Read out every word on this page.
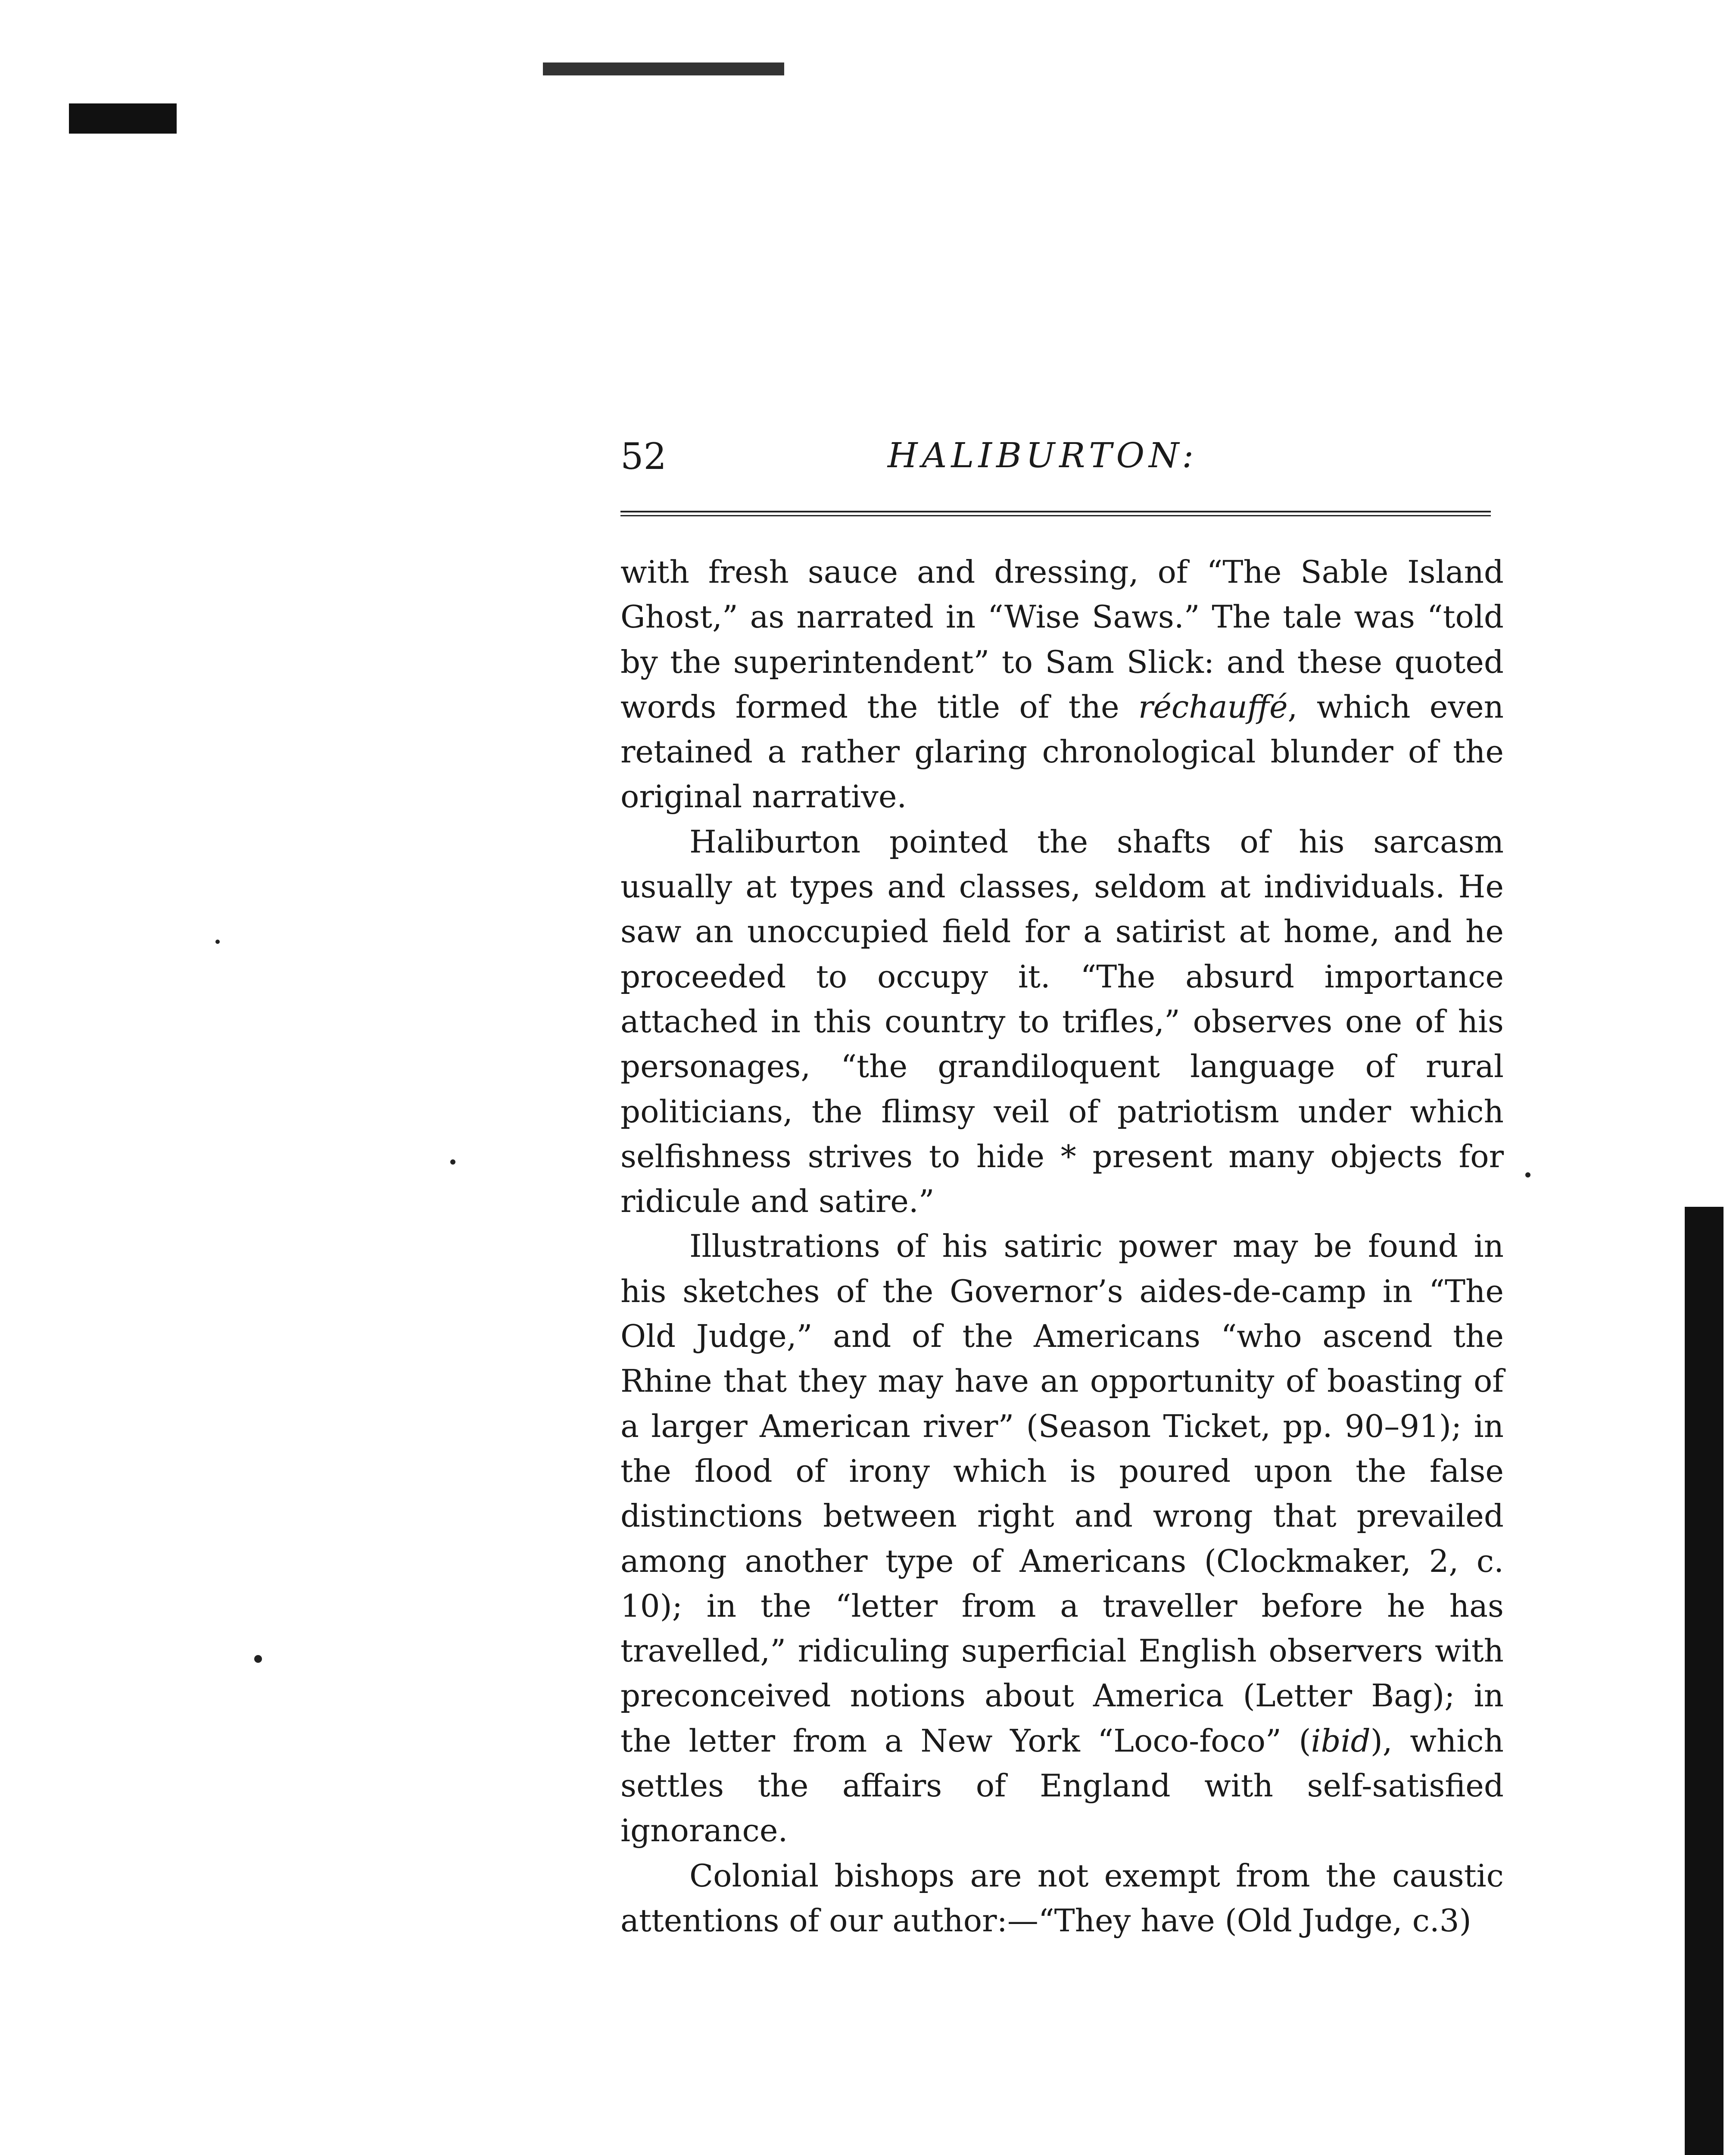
52	HALIBURTON:

with fresh sauce and dressing, of “The Sable Island Ghost,” as narrated in “Wise Saws.” The tale was “told by the superintendent” to Sam Slick: and these quoted words formed the title of the réchauffé, which even retained a rather glaring chronological blunder of the original narrative.

Haliburton pointed the shafts of his sarcasm usually at types and classes, seldom at individuals. He saw an unoccupied field for a satirist at home, and he proceeded to occupy it. “The absurd importance attached in this country to trifles,” observes one of his personages, “the grandiloquent language of rural politicians, the flimsy veil of patriotism under which selfishness strives to hide * present many objects for ridicule and satire.”

Illustrations of his satiric power may be found in his sketches of the Governor’s aides-de-camp in “The Old Judge,” and of the Americans “who ascend the Rhine that they may have an opportunity of boasting of a larger American river” (Season Ticket, pp. 90–91); in the flood of irony which is poured upon the false distinctions between right and wrong that prevailed among another type of Americans (Clockmaker, 2, c. 10); in the “letter from a traveller before he has travelled,” ridiculing superficial English observers with preconceived notions about America (Letter Bag); in the letter from a New York “Loco-foco” (ibid), which settles the affairs of England with self-satisfied ignorance.

Colonial bishops are not exempt from the caustic attentions of our author:—“They have (Old Judge, c.3)
